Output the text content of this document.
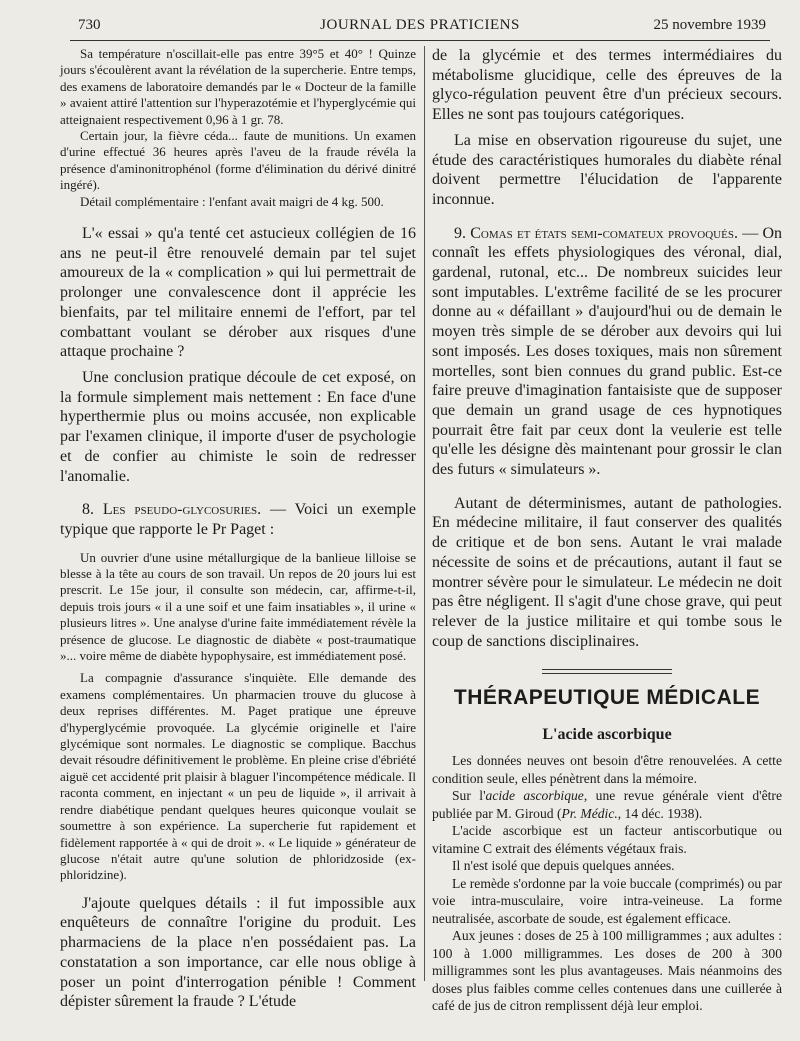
730	JOURNAL DES PRATICIENS	25 novembre 1939

Sa température n'oscillait-elle pas entre 39°5 et 40° ! Quinze jours s'écoulèrent avant la révélation de la supercherie. Entre temps, des examens de laboratoire demandés par le « Docteur de la famille » avaient attiré l'attention sur l'hyperazotémie et l'hyperglycémie qui atteignaient respectivement 0,96 à 1 gr. 78.

Certain jour, la fièvre céda... faute de munitions. Un examen d'urine effectué 36 heures après l'aveu de la fraude révéla la présence d'aminonitrophénol (forme d'élimination du dérivé dinitré ingéré).

Détail complémentaire : l'enfant avait maigri de 4 kg. 500.

L'« essai » qu'a tenté cet astucieux collégien de 16 ans ne peut-il être renouvelé demain par tel sujet amoureux de la « complication » qui lui permettrait de prolonger une convalescence dont il apprécie les bienfaits, par tel militaire ennemi de l'effort, par tel combattant voulant se dérober aux risques d'une attaque prochaine ?

Une conclusion pratique découle de cet exposé, on la formule simplement mais nettement : En face d'une hyperthermie plus ou moins accusée, non explicable par l'examen clinique, il importe d'user de psychologie et de confier au chimiste le soin de redresser l'anomalie.

8. Les pseudo-glycosuries. — Voici un exemple typique que rapporte le Pr Paget :

Un ouvrier d'une usine métallurgique de la banlieue lilloise se blesse à la tête au cours de son travail. Un repos de 20 jours lui est prescrit. Le 15e jour, il consulte son médecin, car, affirme-t-il, depuis trois jours « il a une soif et une faim insatiables », il urine « plusieurs litres ». Une analyse d'urine faite immédiatement révèle la présence de glucose. Le diagnostic de diabète « post-traumatique »... voire même de diabète hypophysaire, est immédiatement posé.

La compagnie d'assurance s'inquiète. Elle demande des examens complémentaires. Un pharmacien trouve du glucose à deux reprises différentes. M. Paget pratique une épreuve d'hyperglycémie provoquée. La glycémie originelle et l'aire glycémique sont normales. Le diagnostic se complique. Bacchus devait résoudre définitivement le problème. En pleine crise d'ébriété aiguë cet accidenté prit plaisir à blaguer l'incompétence médicale. Il raconta comment, en injectant « un peu de liquide », il arrivait à rendre diabétique pendant quelques heures quiconque voulait se soumettre à son expérience. La supercherie fut rapidement et fidèlement rapportée à « qui de droit ». « Le liquide » générateur de glucose n'était autre qu'une solution de phloridzoside (ex-phloridzine).

J'ajoute quelques détails : il fut impossible aux enquêteurs de connaître l'origine du produit. Les pharmaciens de la place n'en possédaient pas. La constatation a son importance, car elle nous oblige à poser un point d'interrogation pénible ! Comment dépister sûrement la fraude ? L'étude

de la glycémie et des termes intermédiaires du métabolisme glucidique, celle des épreuves de la glyco-régulation peuvent être d'un précieux secours. Elles ne sont pas toujours catégoriques.

La mise en observation rigoureuse du sujet, une étude des caractéristiques humorales du diabète rénal doivent permettre l'élucidation de l'apparente inconnue.

9. Comas et états semi-comateux provoqués. — On connaît les effets physiologiques des véronal, dial, gardenal, rutonal, etc... De nombreux suicides leur sont imputables. L'extrême facilité de se les procurer donne au « défaillant » d'aujourd'hui ou de demain le moyen très simple de se dérober aux devoirs qui lui sont imposés. Les doses toxiques, mais non sûrement mortelles, sont bien connues du grand public. Est-ce faire preuve d'imagination fantaisiste que de supposer que demain un grand usage de ces hypnotiques pourrait être fait par ceux dont la veulerie est telle qu'elle les désigne dès maintenant pour grossir le clan des futurs « simulateurs ».

Autant de déterminismes, autant de pathologies. En médecine militaire, il faut conserver des qualités de critique et de bon sens. Autant le vrai malade nécessite de soins et de précautions, autant il faut se montrer sévère pour le simulateur. Le médecin ne doit pas être négligent. Il s'agit d'une chose grave, qui peut relever de la justice militaire et qui tombe sous le coup de sanctions disciplinaires.

THÉRAPEUTIQUE MÉDICALE
L'acide ascorbique

Les données neuves ont besoin d'être renouvelées. A cette condition seule, elles pénètrent dans la mémoire.

Sur l'acide ascorbique, une revue générale vient d'être publiée par M. Giroud (Pr. Médic., 14 déc. 1938).

L'acide ascorbique est un facteur antiscorbutique ou vitamine C extrait des éléments végétaux frais.

Il n'est isolé que depuis quelques années.

Le remède s'ordonne par la voie buccale (comprimés) ou par voie intra-musculaire, voire intra-veineuse. La forme neutralisée, ascorbate de soude, est également efficace.

Aux jeunes : doses de 25 à 100 milligrammes ; aux adultes : 100 à 1.000 milligrammes. Les doses de 200 à 300 milligrammes sont les plus avantageuses. Mais néanmoins des doses plus faibles comme celles contenues dans une cuillerée à café de jus de citron remplissent déjà leur emploi.
